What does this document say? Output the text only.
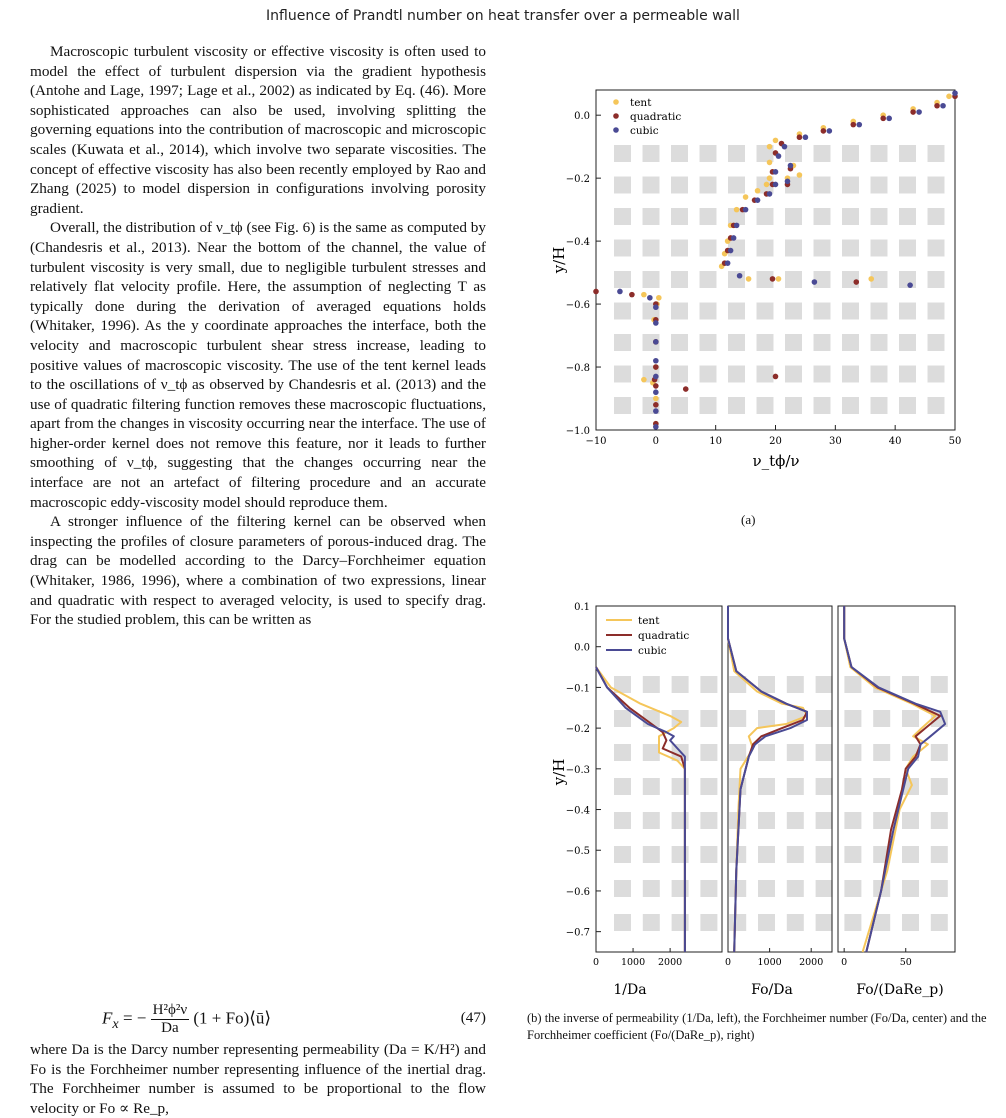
Influence of Prandtl number on heat transfer over a permeable wall

Macroscopic turbulent viscosity or effective viscosity is often used to model the effect of turbulent dispersion via the gradient hypothesis (Antohe and Lage, 1997; Lage et al., 2002) as indicated by Eq. (46). More sophisticated approaches can also be used, involving splitting the governing equations into the contribution of macroscopic and microscopic scales (Kuwata et al., 2014), which involve two separate viscosities. The concept of effective viscosity has also been recently employed by Rao and Zhang (2025) to model dispersion in configurations involving porosity gradient.

Overall, the distribution of ν_tϕ (see Fig. 6) is the same as computed by (Chandesris et al., 2013). Near the bottom of the channel, the value of turbulent viscosity is very small, due to negligible turbulent stresses and relatively flat velocity profile. Here, the assumption of neglecting T as typically done during the derivation of averaged equations holds (Whitaker, 1996). As the y coordinate approaches the interface, both the velocity and macroscopic turbulent shear stress increase, leading to positive values of macroscopic viscosity. The use of the tent kernel leads to the oscillations of ν_tϕ as observed by Chandesris et al. (2013) and the use of quadratic filtering function removes these macroscopic fluctuations, apart from the changes in viscosity occurring near the interface. The use of higher-order kernel does not remove this feature, nor it leads to further smoothing of ν_tϕ, suggesting that the changes occurring near the interface are not an artefact of filtering procedure and an accurate macroscopic eddy-viscosity model should reproduce them.

A stronger influence of the filtering kernel can be observed when inspecting the profiles of closure parameters of porous-induced drag. The drag can be modelled according to the Darcy–Forchheimer equation (Whitaker, 1986, 1996), where a combination of two expressions, linear and quadratic with respect to averaged velocity, is used to specify drag. For the studied problem, this can be written as

$F_x$ = − $\frac{\text{H²ϕ²ν}}{Da} (1$ + Fo)⟨ū⟩	(47)

where Da is the Darcy number representing permeability (Da = K/H²) and Fo is the Forchheimer number representing influence of the inertial drag. The Forchheimer number is assumed to be proportional to the flow velocity or Fo ∝ Re_p,

−10	0	10	20	30	40	50
0.0
−0.2
−0.4
−0.6
−0.8
−1.0
tent
quadratic
cubic
ν_tϕ/ν
y/H
(a)
0.1
0.0
−0.1
−0.2
−0.3
−0.4
−0.5
−0.6
−0.7
0 1000 2000	0	1000 2000 0	50
tent
quadratic
cubic
y/H
1/Da	Fo/Da	Fo/(DaRe_p)
(b) the inverse of permeability (1/Da, left), the Forchheimer number (Fo/Da, center) and the Forchheimer coefficient (Fo/(DaRe_p), right)
